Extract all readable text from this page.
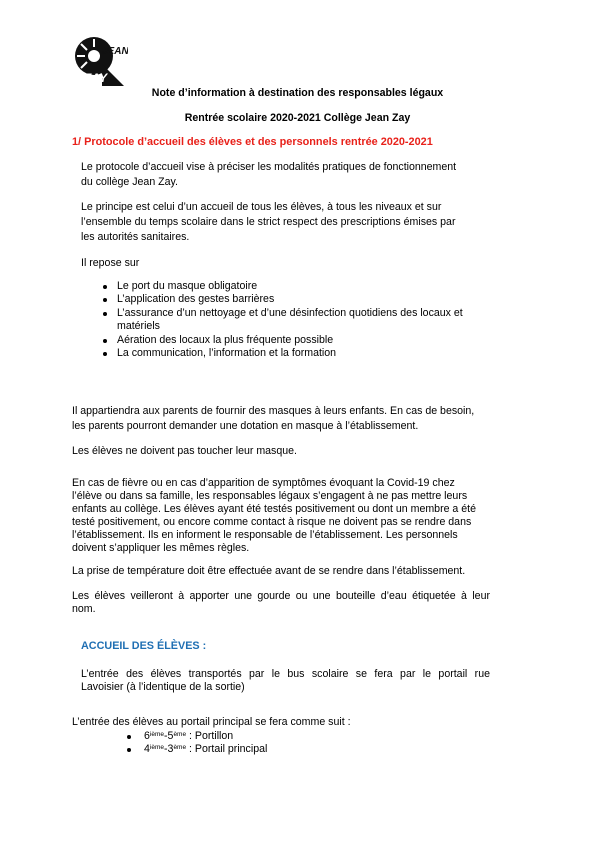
JEAN
ZAY
Note d’information à destination des responsables légaux
Rentrée scolaire 2020-2021 Collège Jean Zay
1/ Protocole d’accueil des élèves et des personnels rentrée 2020-2021
Le protocole d’accueil vise à préciser les modalités pratiques de fonctionnement
du collège Jean Zay.
Le principe est celui d’un accueil de tous les élèves, à tous les niveaux et sur
l’ensemble du temps scolaire dans le strict respect des prescriptions émises par
les autorités sanitaires.
Il repose sur
Le port du masque obligatoire
L’application des gestes barrières
L’assurance d’un nettoyage et d’une désinfection quotidiens des locaux et
matériels
Aération des locaux la plus fréquente possible
La communication, l’information et la formation
Il appartiendra aux parents de fournir des masques à leurs enfants. En cas de besoin,
les parents pourront demander une dotation en masque à l’établissement.
Les élèves ne doivent pas toucher leur masque.
En cas de fièvre ou en cas d’apparition de symptômes évoquant la Covid-19 chez
l’élève ou dans sa famille, les responsables légaux s’engagent à ne pas mettre leurs
enfants au collège. Les élèves ayant été testés positivement ou dont un membre a été
testé positivement, ou encore comme contact à risque ne doivent pas se rendre dans
l’établissement. Ils en informent le responsable de l’établissement. Les personnels
doivent s’appliquer les mêmes règles.
La prise de température doit être effectuée avant de se rendre dans l’établissement.
Les élèves veilleront à apporter une gourde ou une bouteille d’eau étiquetée à leur
nom.
ACCUEIL DES ÉLÈVES :
L’entrée des élèves transportés par le bus scolaire se fera par le portail rue
Lavoisier (à l’identique de la sortie)
L’entrée des élèves au portail principal se fera comme suit :
6ième-5ème : Portillon
4ième-3ème : Portail principal
